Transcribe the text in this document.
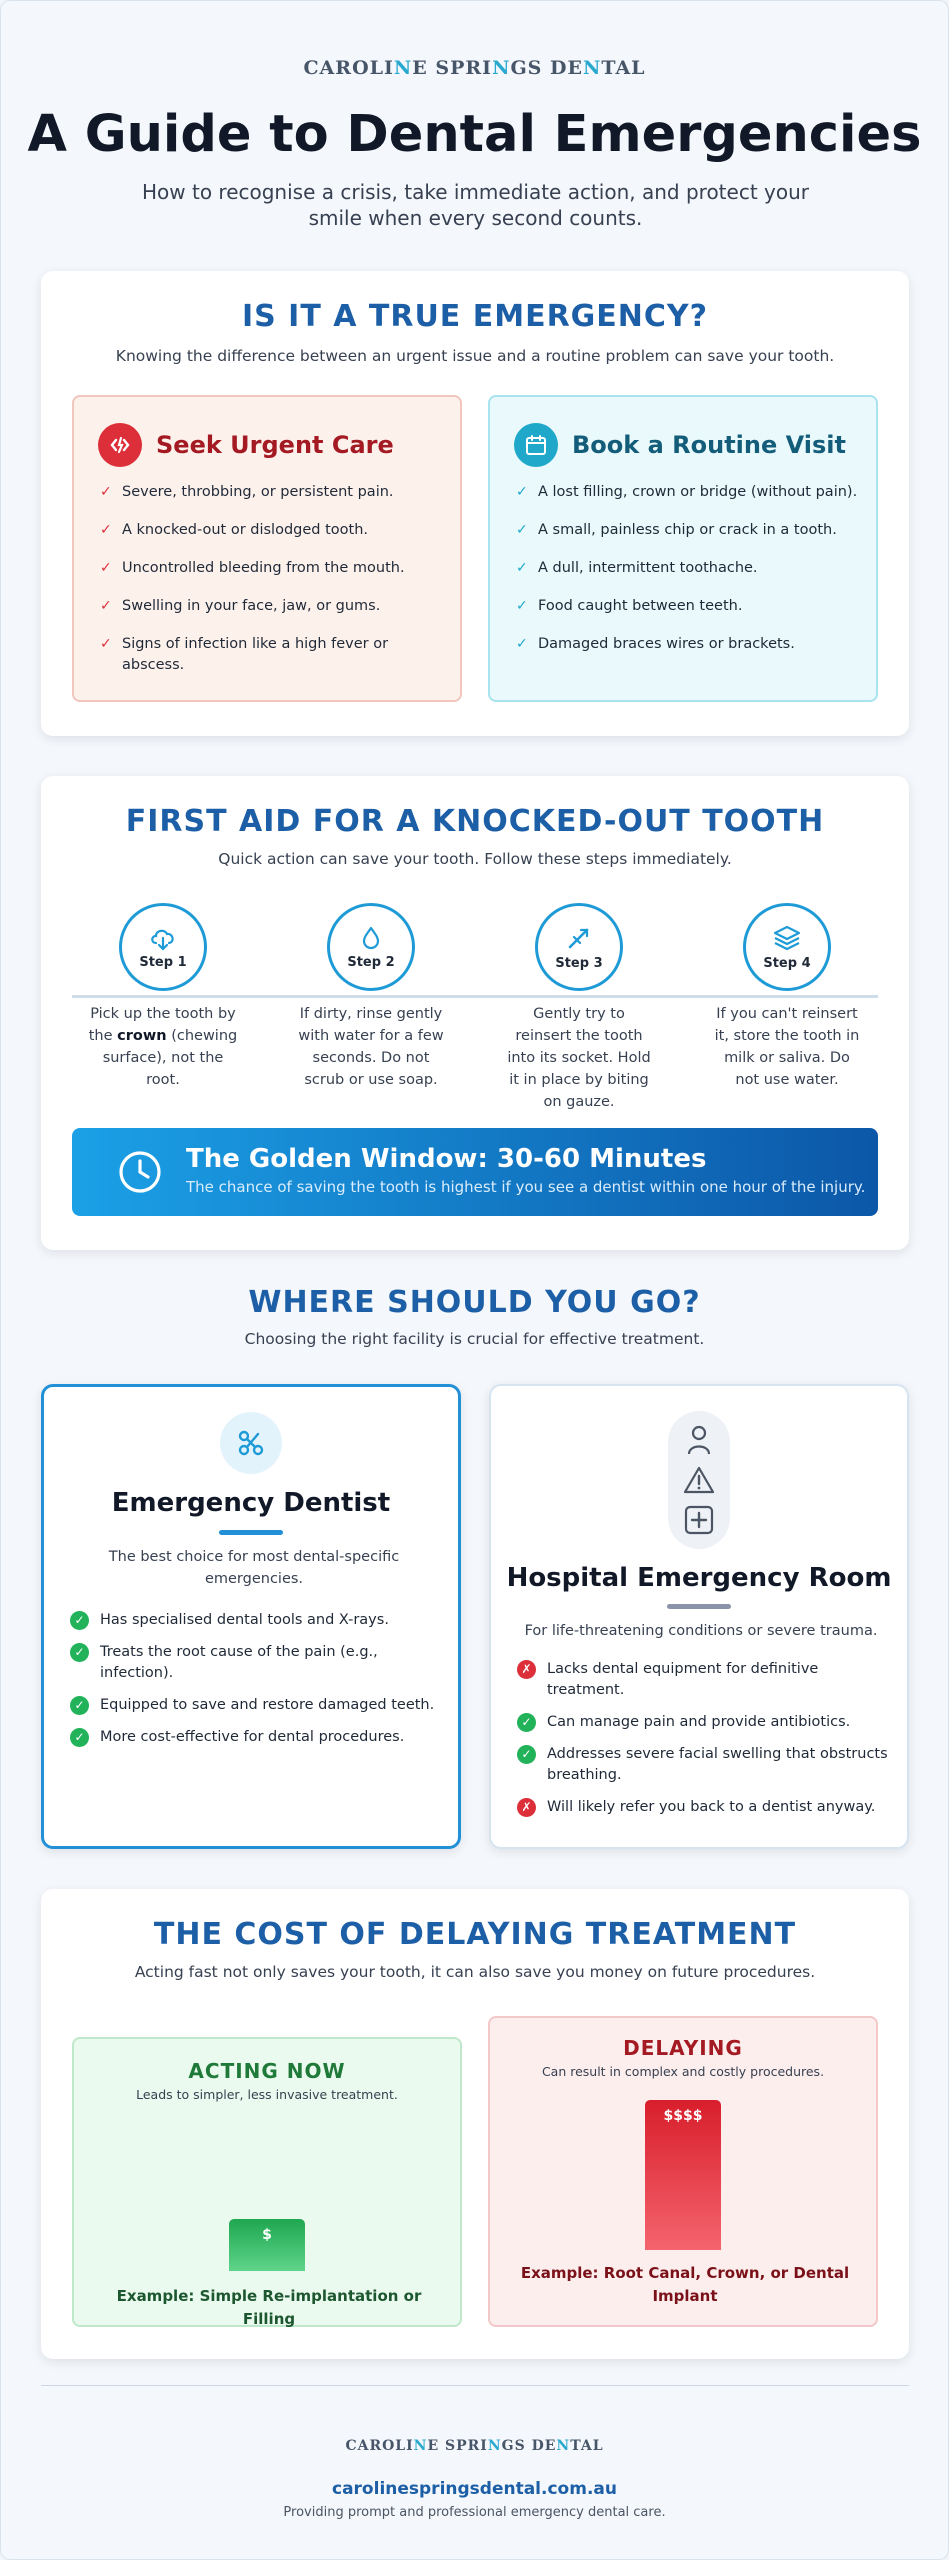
CAROLINE SPRINGS DENTAL
A Guide to Dental Emergencies

How to recognise a crisis, take immediate action, and protect your smile when every second counts.

IS IT A TRUE EMERGENCY?

Knowing the difference between an urgent issue and a routine problem can save your tooth.

Seek Urgent Care
✓ Severe, throbbing, or persistent pain.
✓ A knocked-out or dislodged tooth.
✓ Uncontrolled bleeding from the mouth.
✓ Swelling in your face, jaw, or gums.
✓ Signs of infection like a high fever or abscess.
Book a Routine Visit
✓ A lost filling, crown or bridge (without pain).
✓ A small, painless chip or crack in a tooth.
✓ A dull, intermittent toothache.
✓ Food caught between teeth.
✓ Damaged braces wires or brackets.
FIRST AID FOR A KNOCKED-OUT TOOTH

Quick action can save your tooth. Follow these steps immediately.

Step 1

Pick up the tooth by the crown (chewing surface), not the root.

Step 2

If dirty, rinse gently with water for a few seconds. Do not scrub or use soap.

Step 3

Gently try to reinsert the tooth into its socket. Hold it in place by biting on gauze.

Step 4

If you can't reinsert it, store the tooth in milk or saliva. Do not use water.

The Golden Window: 30-60 Minutes
The chance of saving the tooth is highest if you see a dentist within one hour of the injury.
WHERE SHOULD YOU GO?

Choosing the right facility is crucial for effective treatment.

Emergency Dentist

The best choice for most dental-specific emergencies.

✓	Has specialised dental tools and X-rays.
✓	Treats the root cause of the pain (e.g., infection).
✓	Equipped to save and restore damaged teeth.
✓	More cost-effective for dental procedures.
Hospital Emergency Room

For life-threatening conditions or severe trauma.

✗	Lacks dental equipment for definitive treatment.
✓	Can manage pain and provide antibiotics.
✓	Addresses severe facial swelling that obstructs breathing.
✗	Will likely refer you back to a dentist anyway.
THE COST OF DELAYING TREATMENT

Acting fast not only saves your tooth, it can also save you money on future procedures.

ACTING NOW
Leads to simpler, less invasive treatment.
$
Example: Simple Re-implantation or Filling
DELAYING
Can result in complex and costly procedures.
$$$$
Example: Root Canal, Crown, or Dental Implant
CAROLINE SPRINGS DENTAL
carolinespringsdental.com.au

Providing prompt and professional emergency dental care.
